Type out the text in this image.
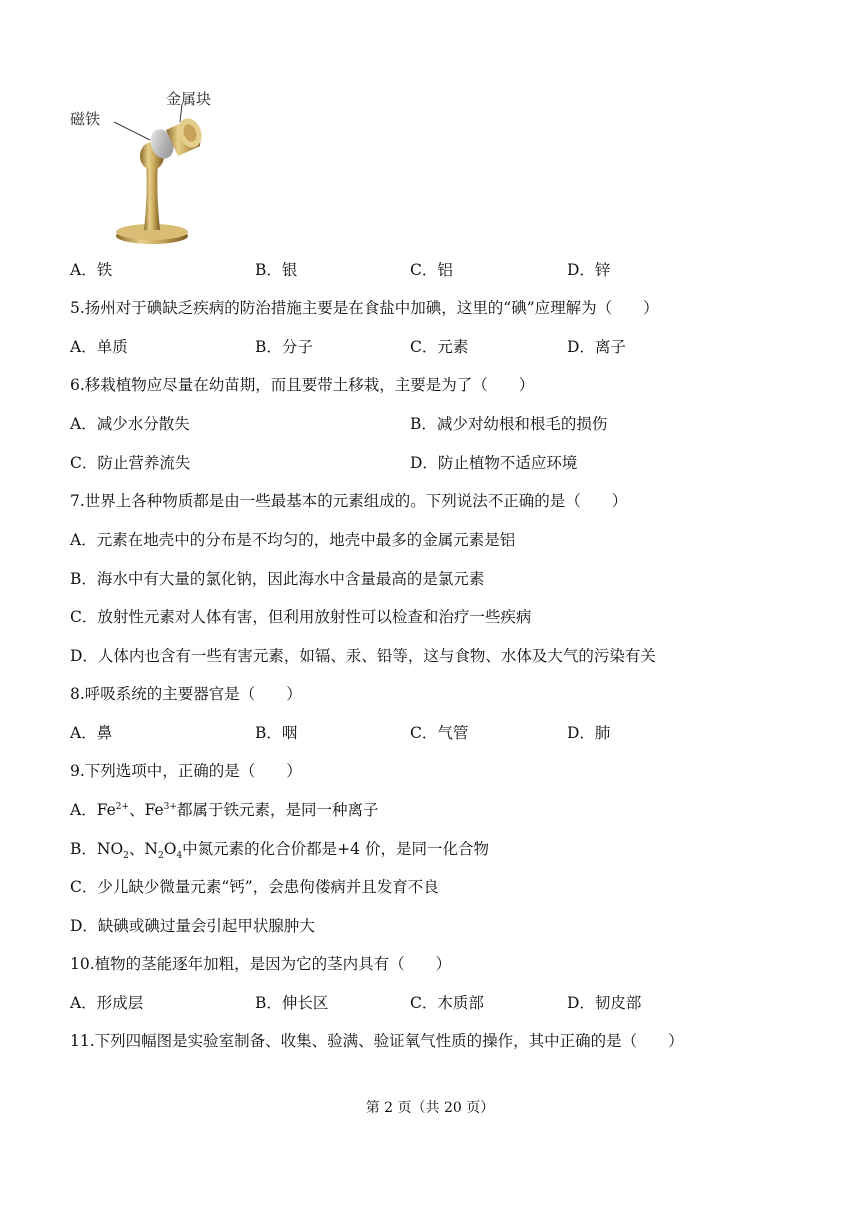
磁铁
金属块
A．铁	B．银	C．铝	D．锌
5.扬州对于碘缺乏疾病的防治措施主要是在食盐中加碘，这里的“碘”应理解为（　　）
A．单质	B．分子	C．元素	D．离子
6.移栽植物应尽量在幼苗期，而且要带土移栽，主要是为了（　　）
A．减少水分散失	B．减少对幼根和根毛的损伤
C．防止营养流失	D．防止植物不适应环境
7.世界上各种物质都是由一些最基本的元素组成的。下列说法不正确的是（　　）
A．元素在地壳中的分布是不均匀的，地壳中最多的金属元素是铝
B．海水中有大量的氯化钠，因此海水中含量最高的是氯元素
C．放射性元素对人体有害，但利用放射性可以检查和治疗一些疾病
D．人体内也含有一些有害元素，如镉、汞、铅等，这与食物、水体及大气的污染有关
8.呼吸系统的主要器官是（　　）
A．鼻	B．咽	C．气管	D．肺
9.下列选项中，正确的是（　　）
A．$Fe^{2+}$、$Fe^{3+}$都属于铁元素，是同一种离子
B．$NO_2$、$N_2O_4$中氮元素的化合价都是+4 价，是同一化合物
C．少儿缺少微量元素“钙”，会患佝偻病并且发育不良
D．缺碘或碘过量会引起甲状腺肿大
10.植物的茎能逐年加粗，是因为它的茎内具有（　　）
A．形成层	B．伸长区	C．木质部	D．韧皮部
11.下列四幅图是实验室制备、收集、验满、验证氧气性质的操作，其中正确的是（　　）
第 2 页（共 20 页）
